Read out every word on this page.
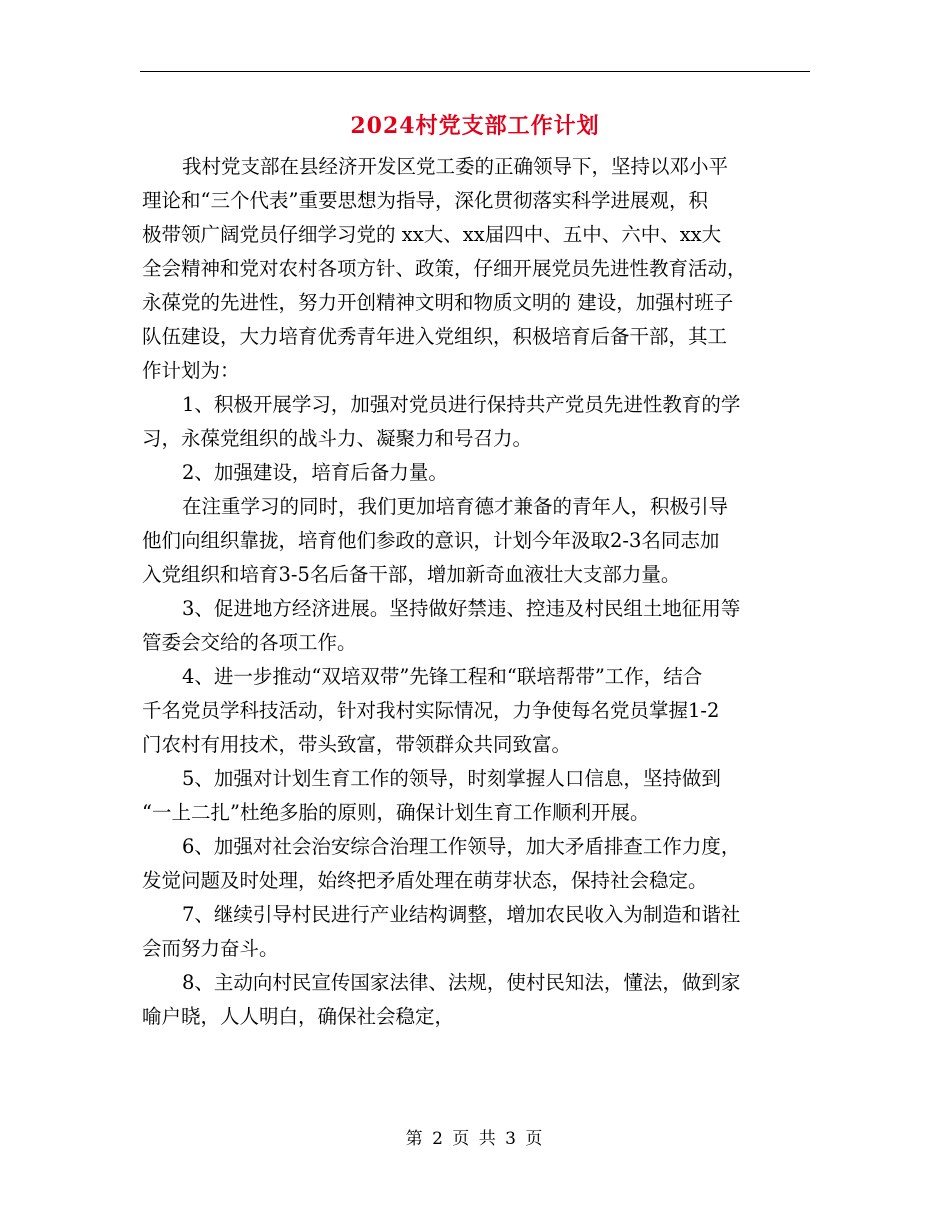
2024村党支部工作计划
我村党支部在县经济开发区党工委的正确领导下，坚持以邓小平
理论和“三个代表”重要思想为指导，深化贯彻落实科学进展观，积
极带领广阔党员仔细学习党的 xx大、xx届四中、五中、六中、xx大
全会精神和党对农村各项方针、政策，仔细开展党员先进性教育活动，
永葆党的先进性，努力开创精神文明和物质文明的 建设，加强村班子
队伍建设，大力培育优秀青年进入党组织，积极培育后备干部，其工
作计划为：
1、积极开展学习，加强对党员进行保持共产党员先进性教育的学
习，永葆党组织的战斗力、凝聚力和号召力。
2、加强建设，培育后备力量。
在注重学习的同时，我们更加培育德才兼备的青年人，积极引导
他们向组织靠拢，培育他们参政的意识，计划今年汲取2-3名同志加
入党组织和培育3-5名后备干部，增加新奇血液壮大支部力量。
3、促进地方经济进展。坚持做好禁违、控违及村民组土地征用等
管委会交给的各项工作。
4、进一步推动“双培双带”先锋工程和“联培帮带”工作，结合
千名党员学科技活动，针对我村实际情况，力争使每名党员掌握1-2
门农村有用技术，带头致富，带领群众共同致富。
5、加强对计划生育工作的领导，时刻掌握人口信息，坚持做到
“一上二扎”杜绝多胎的原则，确保计划生育工作顺利开展。
6、加强对社会治安综合治理工作领导，加大矛盾排查工作力度，
发觉问题及时处理，始终把矛盾处理在萌芽状态，保持社会稳定。
7、继续引导村民进行产业结构调整，增加农民收入为制造和谐社
会而努力奋斗。
8、主动向村民宣传国家法律、法规，使村民知法，懂法，做到家
喻户晓，人人明白，确保社会稳定，
第 2 页 共 3 页
